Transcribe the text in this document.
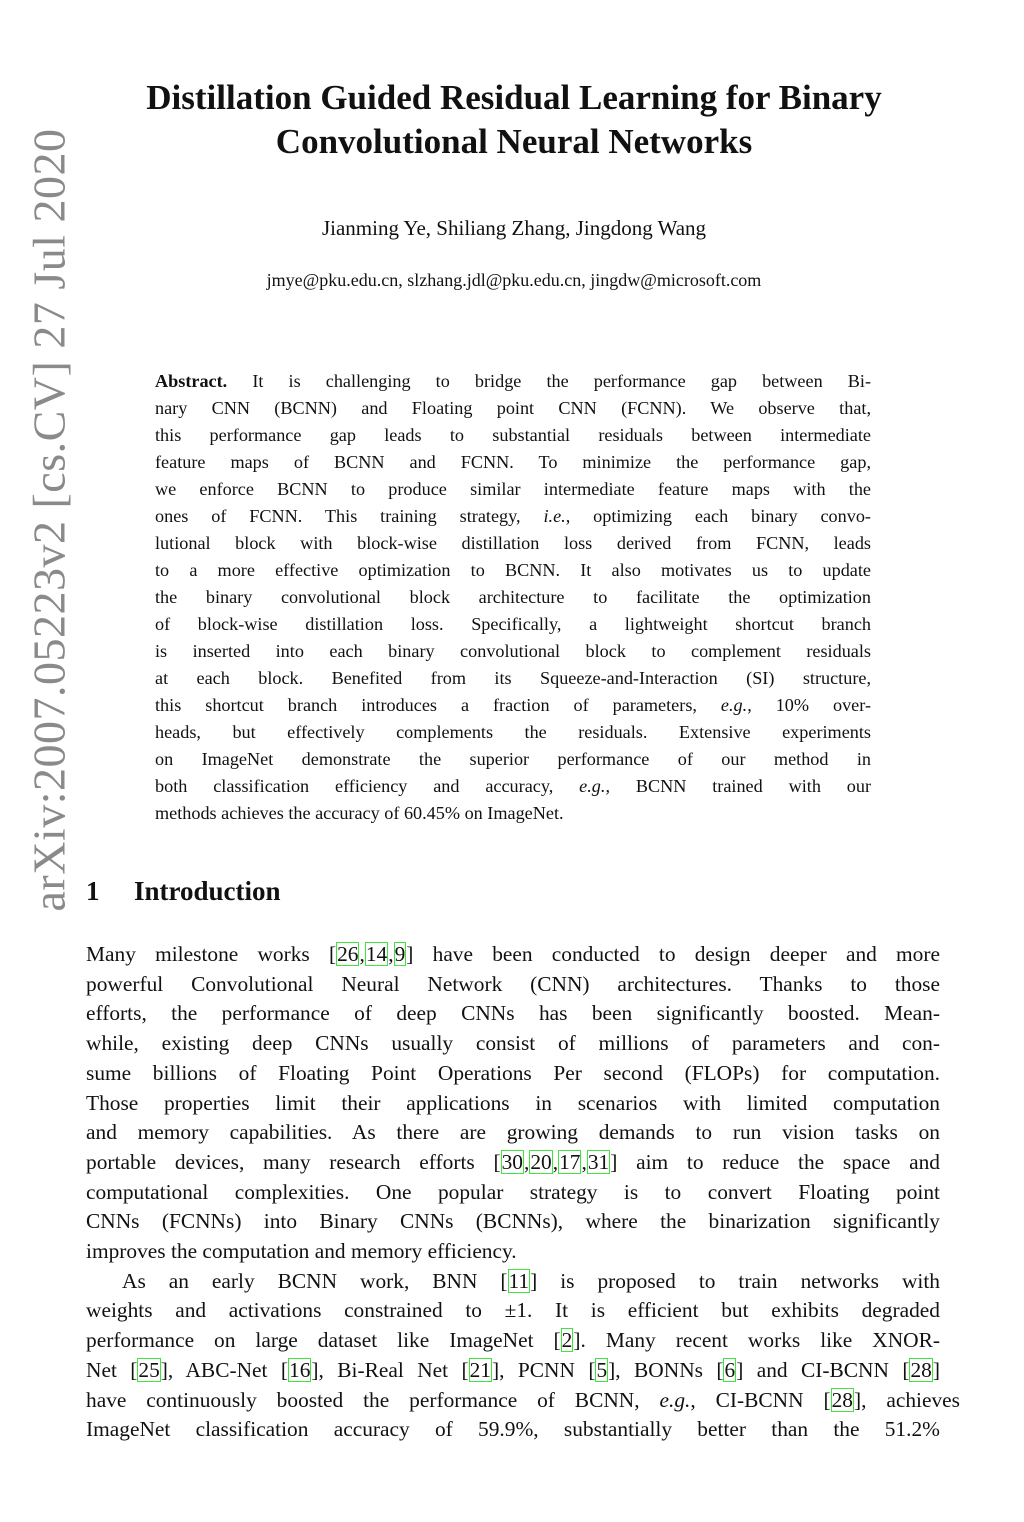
arXiv:2007.05223v2 [cs.CV] 27 Jul 2020
Distillation Guided Residual Learning for Binary
Convolutional Neural Networks
Jianming Ye, Shiliang Zhang, Jingdong Wang
jmye@pku.edu.cn, slzhang.jdl@pku.edu.cn, jingdw@microsoft.com
Abstract. It is challenging to bridge the performance gap between Bi-
nary CNN (BCNN) and Floating point CNN (FCNN). We observe that,
this performance gap leads to substantial residuals between intermediate
feature maps of BCNN and FCNN. To minimize the performance gap,
we enforce BCNN to produce similar intermediate feature maps with the
ones of FCNN. This training strategy, i.e., optimizing each binary convo-
lutional block with block-wise distillation loss derived from FCNN, leads
to a more effective optimization to BCNN. It also motivates us to update
the binary convolutional block architecture to facilitate the optimization
of block-wise distillation loss. Specifically, a lightweight shortcut branch
is inserted into each binary convolutional block to complement residuals
at each block. Benefited from its Squeeze-and-Interaction (SI) structure,
this shortcut branch introduces a fraction of parameters, e.g., 10% over-
heads, but effectively complements the residuals. Extensive experiments
on ImageNet demonstrate the superior performance of our method in
both classification efficiency and accuracy, e.g., BCNN trained with our
methods achieves the accuracy of 60.45% on ImageNet.
1 Introduction
Many milestone works [26,14,9] have been conducted to design deeper and more
powerful Convolutional Neural Network (CNN) architectures. Thanks to those
efforts, the performance of deep CNNs has been significantly boosted. Mean-
while, existing deep CNNs usually consist of millions of parameters and con-
sume billions of Floating Point Operations Per second (FLOPs) for computation.
Those properties limit their applications in scenarios with limited computation
and memory capabilities. As there are growing demands to run vision tasks on
portable devices, many research efforts [30,20,17,31] aim to reduce the space and
computational complexities. One popular strategy is to convert Floating point
CNNs (FCNNs) into Binary CNNs (BCNNs), where the binarization significantly
improves the computation and memory efficiency.
As an early BCNN work, BNN [11] is proposed to train networks with
weights and activations constrained to ±1. It is efficient but exhibits degraded
performance on large dataset like ImageNet [2]. Many recent works like XNOR-
Net [25], ABC-Net [16], Bi-Real Net [21], PCNN [5], BONNs [6] and CI-BCNN [28]
have continuously boosted the performance of BCNN, e.g., CI-BCNN [28], achieves
ImageNet classification accuracy of 59.9%, substantially better than the 51.2%
